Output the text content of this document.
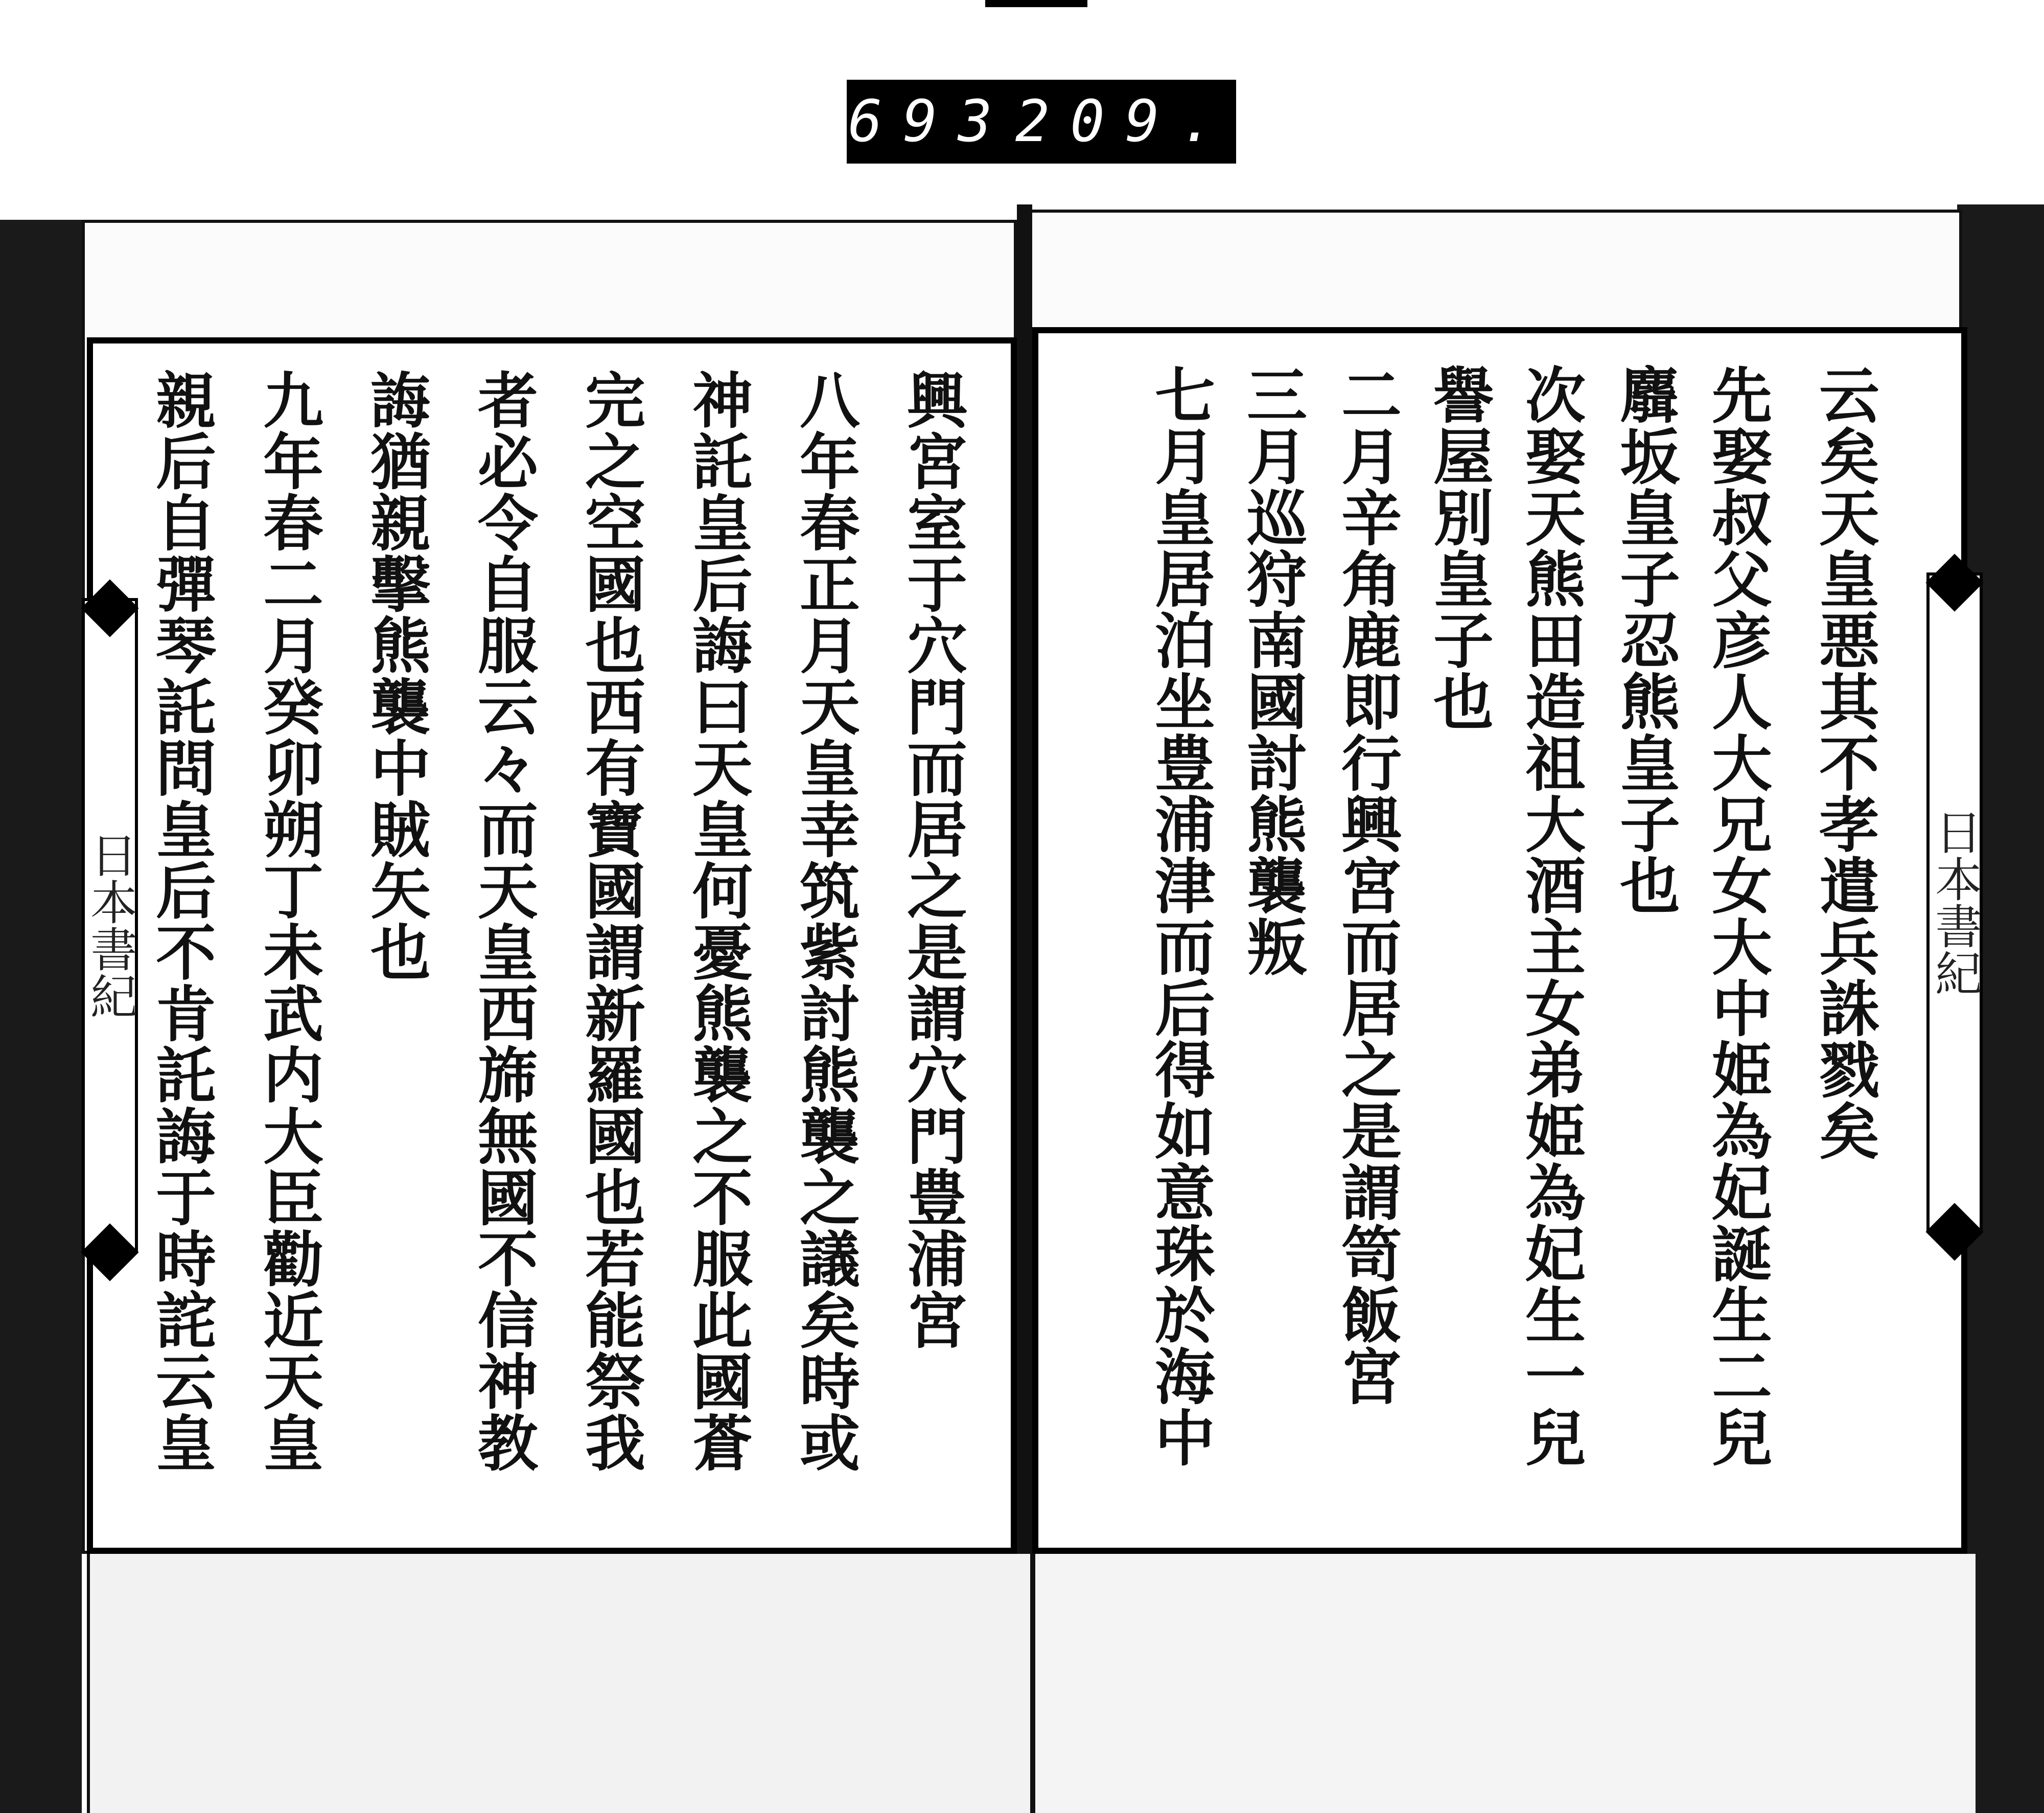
693 209.
興宮室于穴門而居之是謂穴門豊浦宮
八年春正月天皇幸筑紫討熊襲之議矣時或
神託皇后誨曰天皇何憂熊襲之不服此國蒼
完之空國也西有寶國謂新羅國也若能祭我
者必令自服云々而天皇西旆無國不信神教
誨猶親擊熊襲中賊矢也
九年春二月癸卯朔丁未武内大臣勸近天皇
親后自彈琴託問皇后不肯託誨于時詫云皇	云矣天皇悪其不孝遣兵誅戮矣
先娶叔父彦人大兄女大中姫為妃誕生二兒
麛坂皇子忍熊皇子也
次娶天熊田造祖大酒主女弟姫為妃生一兒
譽屋別皇子也
二月辛角鹿即行興宮而居之是謂笥飯宮
三月巡狩南國討熊襲叛
七月皇居泊坐豊浦津而后得如意珠於海中
日本書紀	日本書紀
